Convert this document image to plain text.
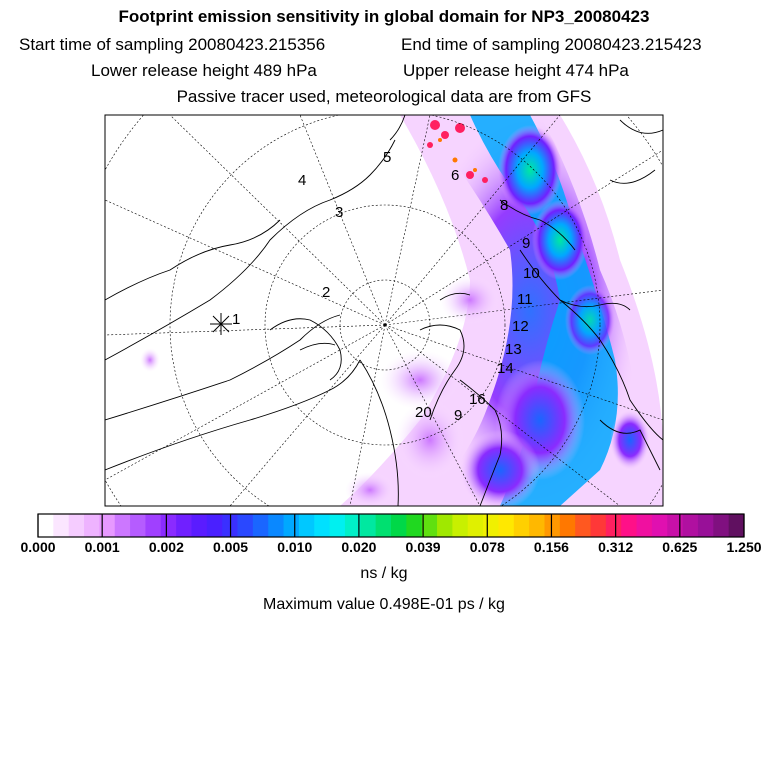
Footprint emission sensitivity in global domain for NP3_20080423
Start time of sampling 20080423.215356	End time of sampling 20080423.215423
Lower release height 489 hPa	Upper release height 474 hPa
Passive tracer used, meteorological data are from GFS
1
2
3
4
5
6
8
9
10
11
12
13
14
16
20 9
0.000 0.001 0.002 0.005 0.010 0.020 0.039 0.078 0.156 0.312 0.625 1.250
ns / kg
Maximum value 0.498E-01 ps / kg
